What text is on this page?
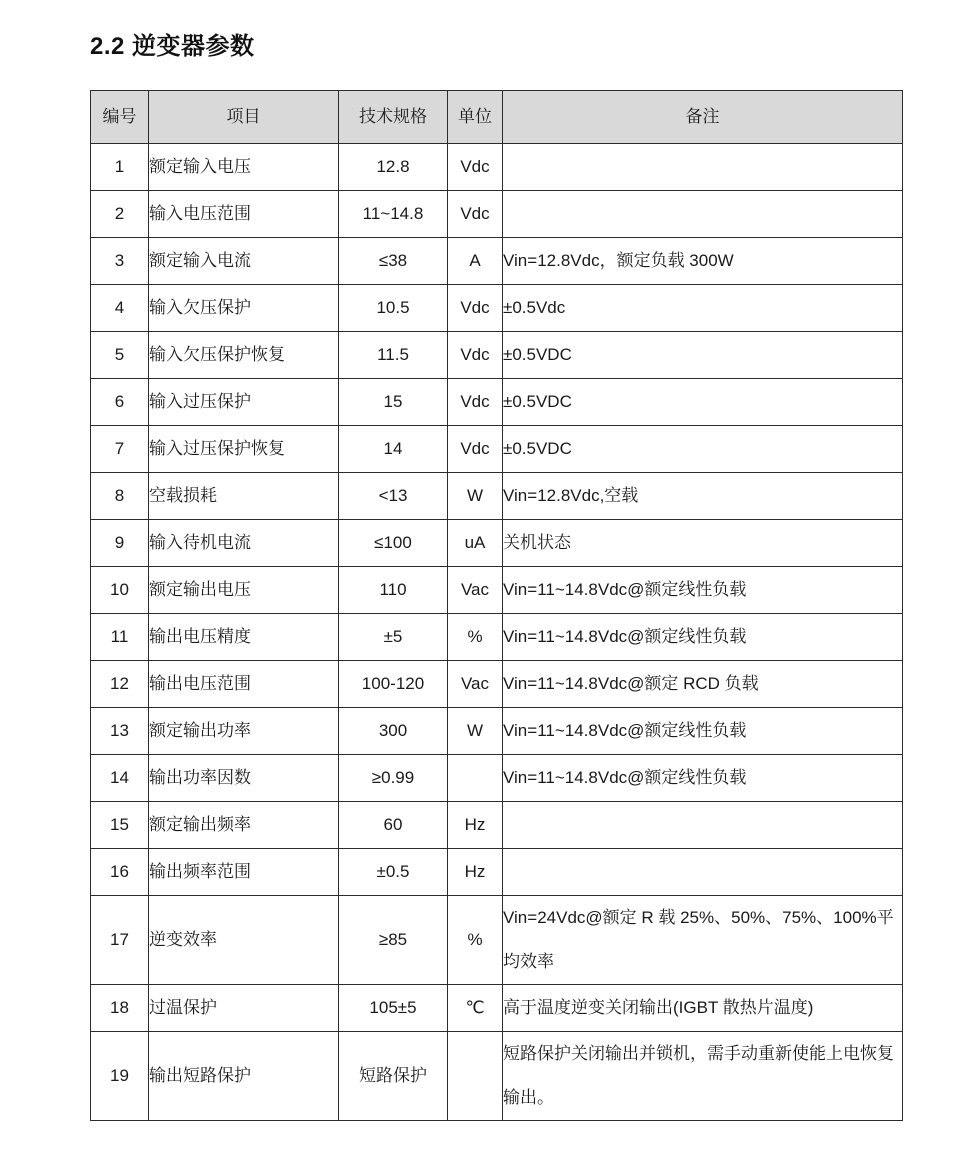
2.2 逆变器参数
编号	项目	技术规格	单位	备注
1	额定输入电压	12.8	Vdc	
2	输入电压范围	11~14.8	Vdc	
3	额定输入电流	≤38	A	Vin=12.8Vdc，额定负载 300W
4	输入欠压保护	10.5	Vdc	±0.5Vdc
5	输入欠压保护恢复	11.5	Vdc	±0.5VDC
6	输入过压保护	15	Vdc	±0.5VDC
7	输入过压保护恢复	14	Vdc	±0.5VDC
8	空载损耗	<13	W	Vin=12.8Vdc,空载
9	输入待机电流	≤100	uA	关机状态
10	额定输出电压	110	Vac	Vin=11~14.8Vdc@额定线性负载
11	输出电压精度	±5	%	Vin=11~14.8Vdc@额定线性负载
12	输出电压范围	100-120	Vac	Vin=11~14.8Vdc@额定 RCD 负载
13	额定输出功率	300	W	Vin=11~14.8Vdc@额定线性负载
14	输出功率因数	≥0.99		Vin=11~14.8Vdc@额定线性负载
15	额定输出频率	60	Hz	
16	输出频率范围	±0.5	Hz	
17	逆变效率	≥85	%	Vin=24Vdc@额定 R 载 25%、50%、75%、100%平均效率
18	过温保护	105±5	℃	高于温度逆变关闭输出(IGBT 散热片温度)
19	输出短路保护	短路保护		短路保护关闭输出并锁机，需手动重新使能上电恢复输出。
